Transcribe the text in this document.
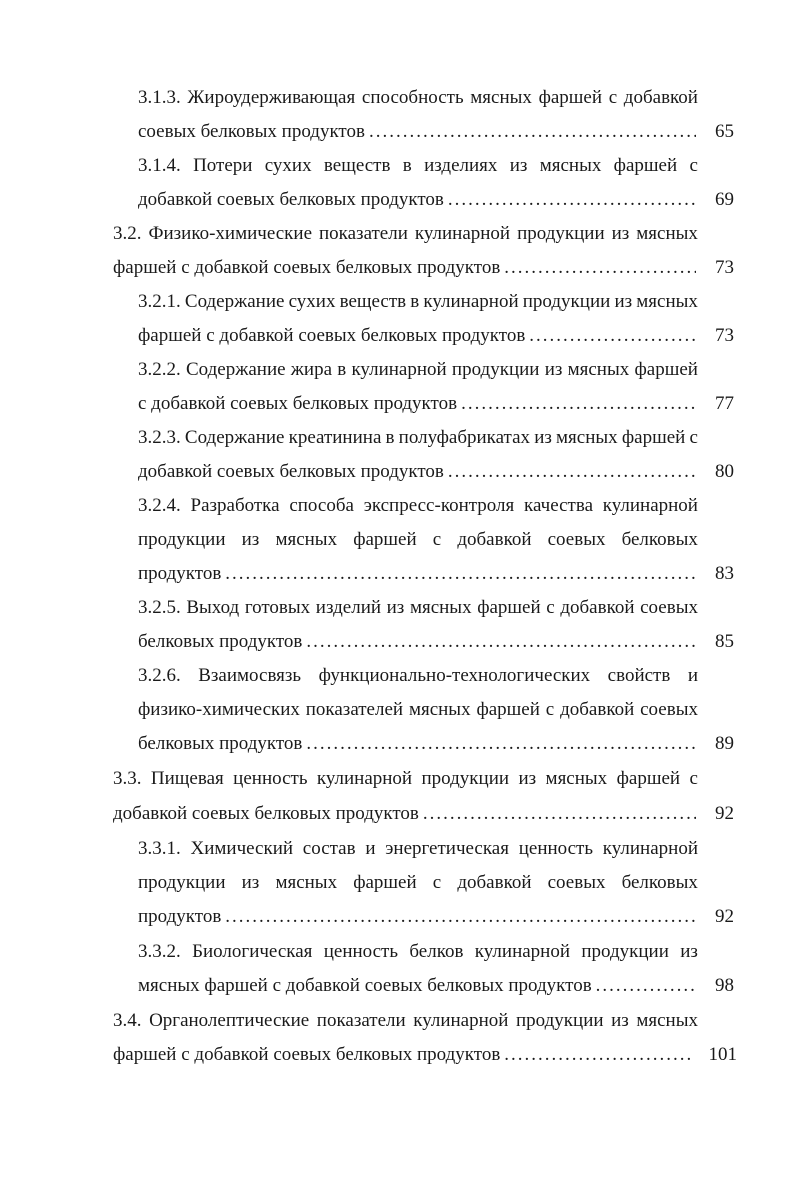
3.1.3. Жироудерживающая способность мясных фаршей с добавкой
соевых белковых продуктов .....	65
3.1.4. Потери сухих веществ в изделиях из мясных фаршей с
добавкой соевых белковых продуктов .....	69
3.2. Физико-химические показатели кулинарной продукции из мясных
фаршей с добавкой соевых белковых продуктов .....	73
3.2.1. Содержание сухих веществ в кулинарной продукции из мясных
фаршей с добавкой соевых белковых продуктов .....	73
3.2.2. Содержание жира в кулинарной продукции из мясных фаршей
с добавкой соевых белковых продуктов .....	77
3.2.3. Содержание креатинина в полуфабрикатах из мясных фаршей с
добавкой соевых белковых продуктов .....	80
3.2.4. Разработка способа экспресс-контроля качества кулинарной
продукции из мясных фаршей с добавкой соевых белковых
продуктов .....	83
3.2.5. Выход готовых изделий из мясных фаршей с добавкой соевых
белковых продуктов .....	85
3.2.6. Взаимосвязь функционально-технологических свойств и
физико-химических показателей мясных фаршей с добавкой соевых
белковых продуктов .....	89
3.3. Пищевая ценность кулинарной продукции из мясных фаршей с
добавкой соевых белковых продуктов .....	92
3.3.1. Химический состав и энергетическая ценность кулинарной
продукции из мясных фаршей с добавкой соевых белковых
продуктов .....	92
3.3.2. Биологическая ценность белков кулинарной продукции из
мясных фаршей с добавкой соевых белковых продуктов .....	98
3.4. Органолептические показатели кулинарной продукции из мясных
фаршей с добавкой соевых белковых продуктов .....	101
